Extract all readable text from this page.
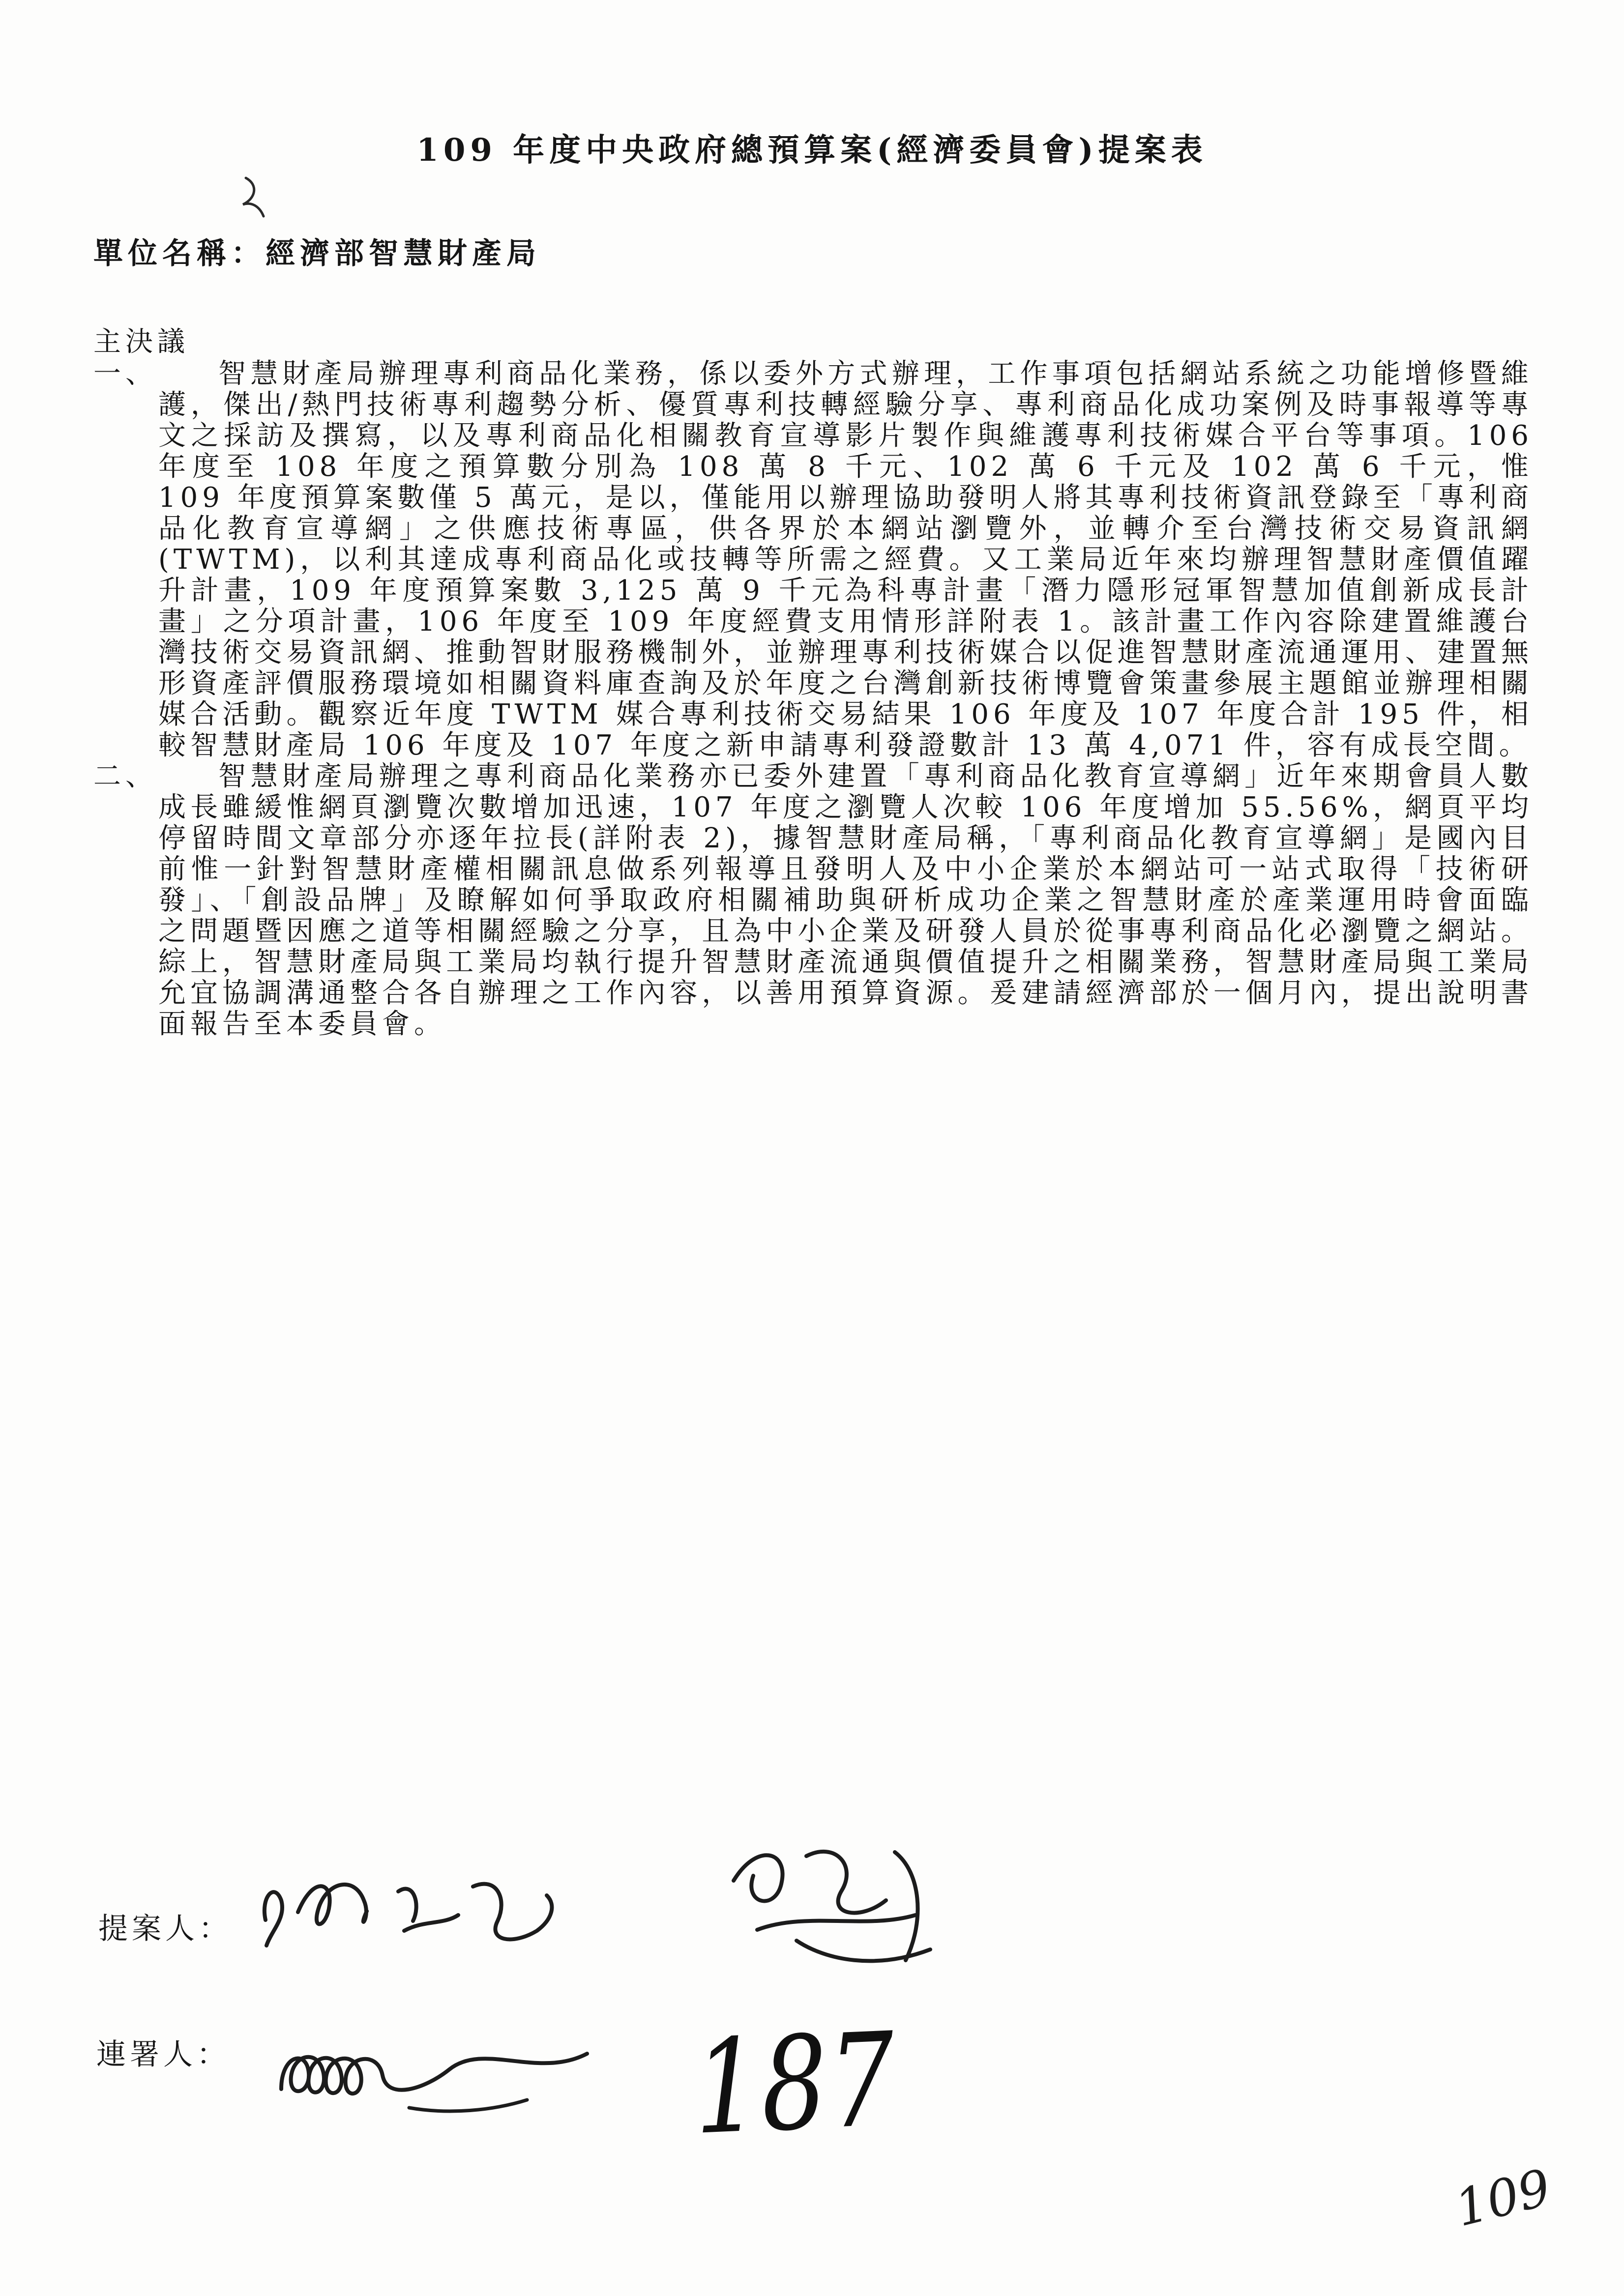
109 年度中央政府總預算案(經濟委員會)提案表
單位名稱：經濟部智慧財產局
主決議
一、	智慧財產局辦理專利商品化業務，係以委外方式辦理，工作事項包括網站系統之功能增修暨維護，傑出/熱門技術專利趨勢分析、優質專利技轉經驗分享、專利商品化成功案例及時事報導等專文之採訪及撰寫，以及專利商品化相關教育宣導影片製作與維護專利技術媒合平台等事項。106 年度至 108 年度之預算數分別為 108 萬 8 千元、102 萬 6 千元及 102 萬 6 千元，惟 109 年度預算案數僅 5 萬元，是以，僅能用以辦理協助發明人將其專利技術資訊登錄至「專利商品化教育宣導網」之供應技術專區，供各界於本網站瀏覽外，並轉介至台灣技術交易資訊網(TWTM)，以利其達成專利商品化或技轉等所需之經費。又工業局近年來均辦理智慧財產價值躍升計畫，109 年度預算案數 3,125 萬 9 千元為科專計畫「潛力隱形冠軍智慧加值創新成長計畫」之分項計畫，106 年度至 109 年度經費支用情形詳附表 1。該計畫工作內容除建置維護台灣技術交易資訊網、推動智財服務機制外，並辦理專利技術媒合以促進智慧財產流通運用、建置無形資產評價服務環境如相關資料庫查詢及於年度之台灣創新技術博覽會策畫參展主題館並辦理相關媒合活動。觀察近年度 TWTM 媒合專利技術交易結果 106 年度及 107 年度合計 195 件，相較智慧財產局 106 年度及 107 年度之新申請專利發證數計 13 萬 4,071 件，容有成長空間。
二、	智慧財產局辦理之專利商品化業務亦已委外建置「專利商品化教育宣導網」近年來期會員人數成長雖緩惟網頁瀏覽次數增加迅速，107 年度之瀏覽人次較 106 年度增加 55.56%，網頁平均停留時間文章部分亦逐年拉長(詳附表 2)，據智慧財產局稱，「專利商品化教育宣導網」是國內目前惟一針對智慧財產權相關訊息做系列報導且發明人及中小企業於本網站可一站式取得「技術研發」、「創設品牌」及瞭解如何爭取政府相關補助與研析成功企業之智慧財產於產業運用時會面臨之問題暨因應之道等相關經驗之分享，且為中小企業及研發人員於從事專利商品化必瀏覽之網站。綜上，智慧財產局與工業局均執行提升智慧財產流通與價值提升之相關業務，智慧財產局與工業局允宜協調溝通整合各自辦理之工作內容，以善用預算資源。爰建請經濟部於一個月內，提出說明書面報告至本委員會。
提案人：
連署人：	187
109
